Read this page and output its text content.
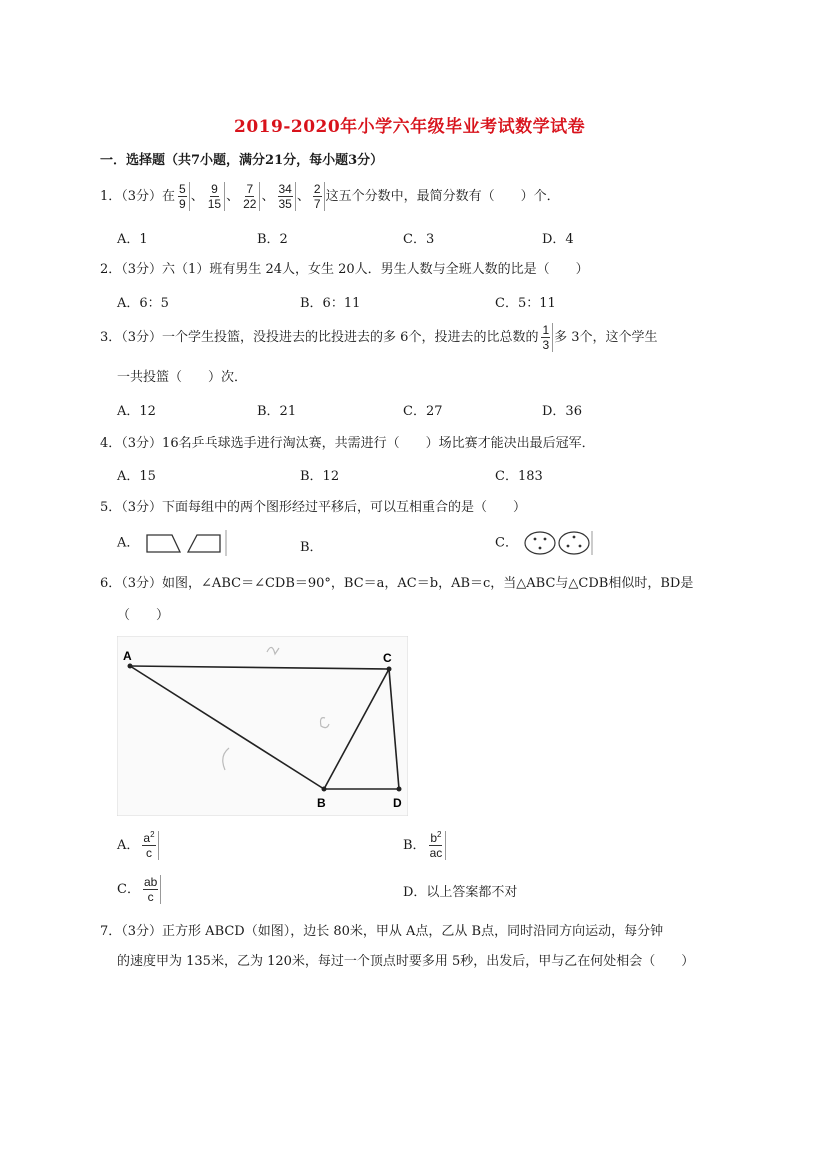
2019-2020年小学六年级毕业考试数学试卷
一．选择题（共7小题，满分21分，每小题3分）
1．（3分）在 $\frac{5}{9}$ 、 $\frac{9}{15}$ 、 $\frac{7}{22}$ 、 $\frac{34}{35}$ 、 $\frac{2}{7}$ 这五个分数中，最简分数有（　　）个．
A．1	B．2	C．3	D．4
2．（3分）六（1）班有男生 24人，女生 20人．男生人数与全班人数的比是（　　）
A．6：5	B．6：11	C．5：11
3．（3分）一个学生投篮，没投进去的比投进去的多 6个，投进去的比总数的 $\frac{1}{3}$ 多 3个，这个学生
一共投篮（　　）次．
A．12	B．21	C．27	D．36
4．（3分）16名乒乓球选手进行淘汰赛，共需进行（　　）场比赛才能决出最后冠军．
A．15	B．12	C．183
5．（3分）下面每组中的两个图形经过平移后，可以互相重合的是（　　）
A．	B．	C．
6．（3分）如图，∠ABC＝∠CDB＝90°，BC＝a，AC＝b，AB＝c，当△ABC与△CDB相似时，BD是
（　　）
A	C
B	D
A． $\frac{a^2}{c}$	B． $\frac{b^2}{ac}$
C． $\frac{ab}{c}$	D．以上答案都不对
7．（3分）正方形 ABCD（如图），边长 80米，甲从 A点，乙从 B点，同时沿同方向运动，每分钟
的速度甲为 135米，乙为 120米，每过一个顶点时要多用 5秒，出发后，甲与乙在何处相会（　　）
